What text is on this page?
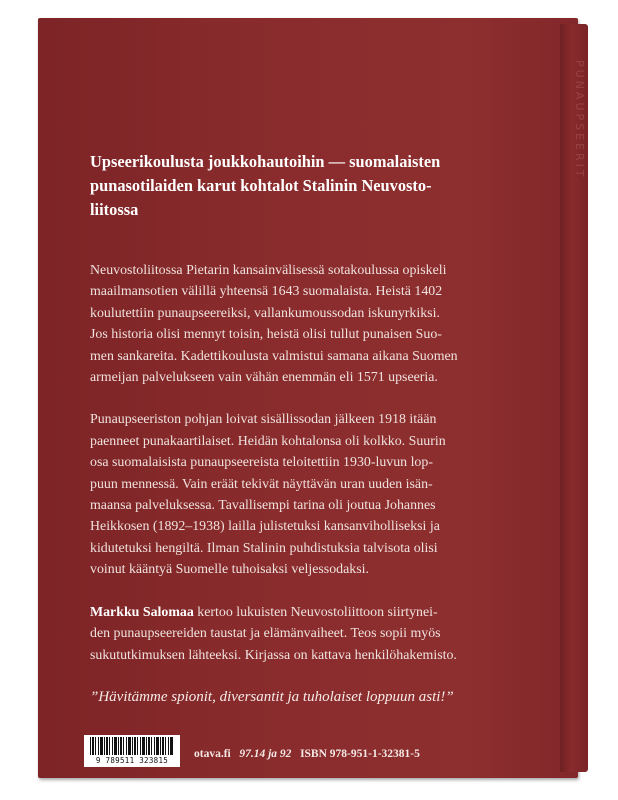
PUNAUPSEERIT
Upseerikoulusta joukkohautoihin — suomalaisten
punasotilaiden karut kohtalot Stalinin Neuvosto-
liitossa
Neuvostoliitossa Pietarin kansainvälisessä sotakoulussa opiskeli
maailmansotien välillä yhteensä 1643 suomalaista. Heistä 1402
koulutettiin punaupseereiksi, vallankumoussodan iskunyrkiksi.
Jos historia olisi mennyt toisin, heistä olisi tullut punaisen Suo-
men sankareita. Kadettikoulusta valmistui samana aikana Suomen
armeijan palvelukseen vain vähän enemmän eli 1571 upseeria.
Punaupseeriston pohjan loivat sisällissodan jälkeen 1918 itään
paenneet punakaartilaiset. Heidän kohtalonsa oli kolkko. Suurin
osa suomalaisista punaupseereista teloitettiin 1930-luvun lop-
puun mennessä. Vain eräät tekivät näyttävän uran uuden isän-
maansa palveluksessa. Tavallisempi tarina oli joutua Johannes
Heikkosen (1892–1938) lailla julistetuksi kansanviholliseksi ja
kidutetuksi hengiltä. Ilman Stalinin puhdistuksia talvisota olisi
voinut kääntyä Suomelle tuhoisaksi veljessodaksi.
Markku Salomaa kertoo lukuisten Neuvostoliittoon siirtynei-
den punaupseereiden taustat ja elämänvaiheet. Teos sopii myös
sukututkimuksen lähteeksi. Kirjassa on kattava henkilöhakemisto.
”Hävitämme spionit, diversantit ja tuholaiset loppuun asti!”
9 789511 323815
otava.fi 97.14 ja 92 ISBN 978-951-1-32381-5
